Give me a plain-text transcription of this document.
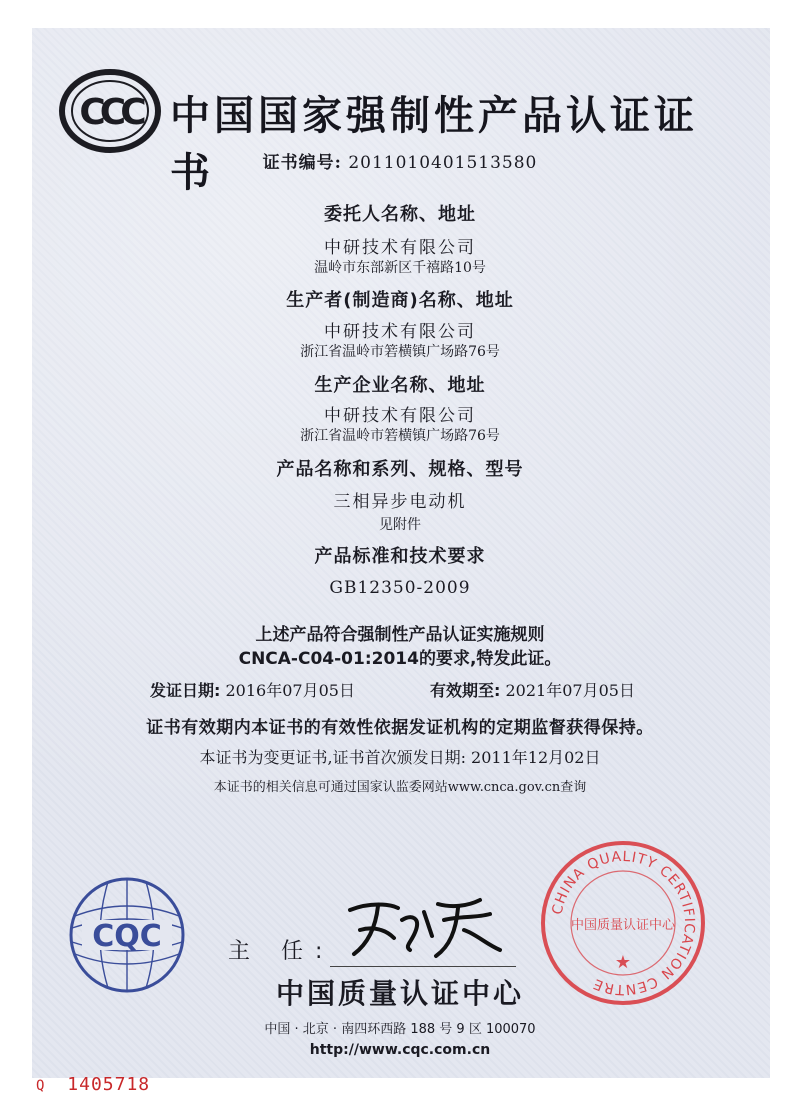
CCC 中国国家强制性产品认证证书	证书编号: 2011010401513580
委托人名称、地址
中研技术有限公司
温岭市东部新区千禧路10号
生产者(制造商)名称、地址
中研技术有限公司
浙江省温岭市箬横镇广场路76号
生产企业名称、地址
中研技术有限公司
浙江省温岭市箬横镇广场路76号
产品名称和系列、规格、型号
三相异步电动机
见附件
产品标准和技术要求
GB12350-2009
上述产品符合强制性产品认证实施规则
CNCA-C04-01:2014的要求,特发此证。
发证日期: 2016年07月05日	有效期至: 2021年07月05日
证书有效期内本证书的有效性依据发证机构的定期监督获得保持。
本证书为变更证书,证书首次颁发日期: 2011年12月02日
本证书的相关信息可通过国家认监委网站www.cnca.gov.cn查询
CQC	主 任:
中国质量认证中心
中国 · 北京 · 南四环西路 188 号 9 区 100070
http://www.cqc.com.cn
CHINA QUALITY CERTIFICATION CENTRE
中国质量认证中心
★
Q 1405718
